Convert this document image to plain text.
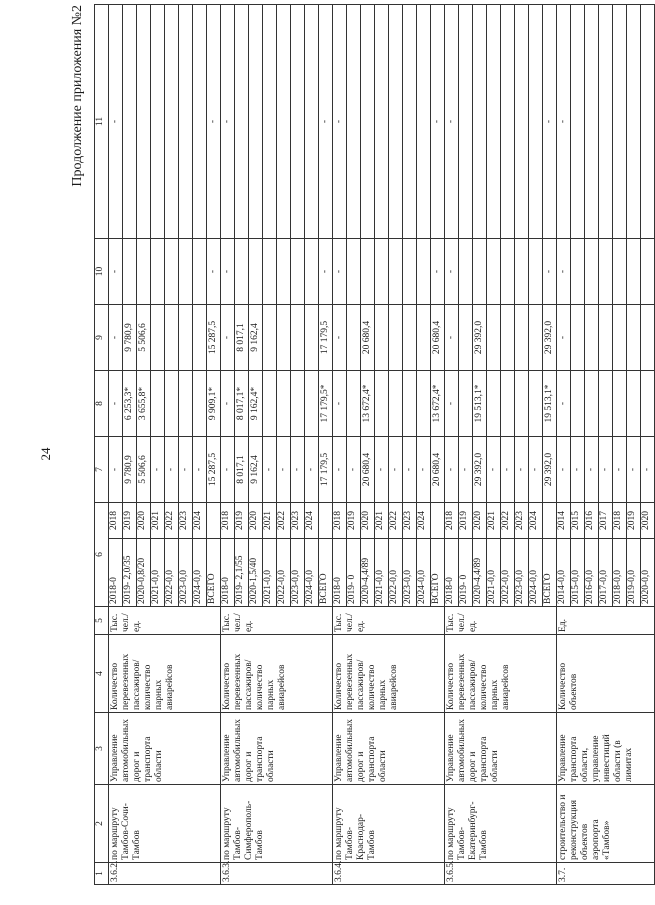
24
Продолжение приложения №2
1	2	3	4	5	6		7	8	9	10	11
3.6.2.	по маршруту Тамбов-Сочи-Тамбов	Управление автомобильных дорог и транспорта области	Количество перевезенных пассажиров/ количество парных авиарейсов	Тыс. чел./ ед.	2018-0	2018	-	-	-	-	-
					2019- 2,0/35	2019	9 780,9	6 253,3*	9 780,9		
					2020-0,8/20	2020	5 506,6	3 655,8*	5 506,6		
					2021-0,0	2021	-				
					2022-0,0	2022	-				
					2023-0,0	2023	-				
					2024-0,0	2024	-				
					ВСЕГО		15 287,5	9 909,1*	15 287,5	-	-
3.6.3.	по маршруту Тамбов-Симферополь-Тамбов	Управление автомобильных дорог и транспорта области	Количество перевезенных пассажиров/ количество парных авиарейсов	Тыс. чел./ ед.	2018-0	2018	-	-	-	-	-
					2019- 2,1/55	2019	8 017,1	8 017,1*	8 017,1		
					2020-1,5/40	2020	9 162,4	9 162,4*	9 162,4		
					2021-0,0	2021	-				
					2022-0,0	2022	-				
					2023-0,0	2023	-				
					2024-0,0	2024	-				
					ВСЕГО		17 179,5	17 179,5*	17 179,5	-	-
3.6.4.	по маршруту Тамбов-Краснодар-Тамбов	Управление автомобильных дорог и транспорта области	Количество перевезенных пассажиров/количество парных авиарейсов	Тыс. чел./ ед.	2018-0	2018	-	-	-	-	-
					2019- 0	2019	-				
					2020-4,4/89	2020	20 680,4	13 672,4*	20 680,4		
					2021-0,0	2021	-				
					2022-0,0	2022	-				
					2023-0,0	2023	-				
					2024-0,0	2024	-				
					ВСЕГО		20 680,4	13 672,4*	20 680,4	-	-
3.6.5.	по маршруту Тамбов-Екатеринбург-Тамбов	Управление автомобильных дорог и транспорта области	Количество перевезенных пассажиров/количество парных авиарейсов	Тыс. чел./ ед.	2018-0	2018	-	-	-	-	-
					2019- 0	2019	-				
					2020-4,4/89	2020	29 392,0	19 513,1*	29 392,0		
					2021-0,0	2021	-				
					2022-0,0	2022	-				
					2023-0,0	2023	-				
					2024-0,0	2024	-				
					ВСЕГО		29 392,0	19 513,1*	29 392,0	-	-
3.7.	строительство и реконструкция объектов аэропорта «Тамбов»	Управление транспорта области, управление инвестиций области (в лимитах	Количество объектов	Ед.	2014-0,0	2014	-	-	-	-	-
					2015-0,0	2015	-				
					2016-0,0	2016	-				
					2017-0,0	2017	-				
					2018-0,0	2018	-				
					2019-0,0	2019	-				
					2020-0,0	2020	-				
